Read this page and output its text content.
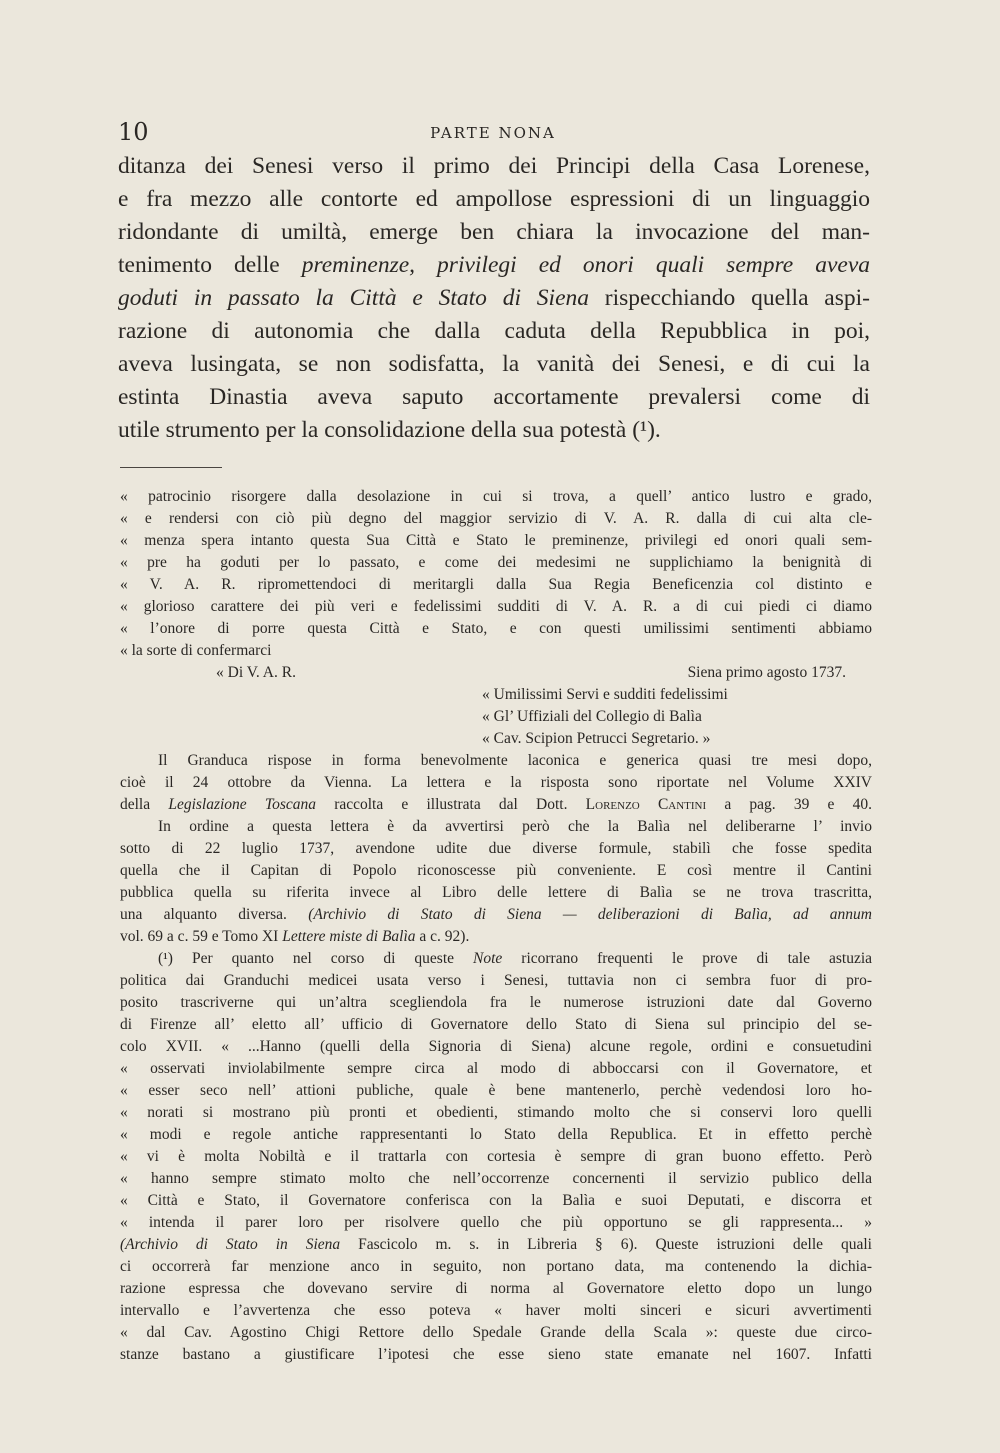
10	PARTE NONA
ditanza dei Senesi verso il primo dei Principi della Casa Lorenese,
e fra mezzo alle contorte ed ampollose espressioni di un linguaggio
ridondante di umiltà, emerge ben chiara la invocazione del man-
tenimento delle preminenze, privilegi ed onori quali sempre aveva
goduti in passato la Città e Stato di Siena rispecchiando quella aspi-
razione di autonomia che dalla caduta della Repubblica in poi,
aveva lusingata, se non sodisfatta, la vanità dei Senesi, e di cui la
estinta Dinastia aveva saputo accortamente prevalersi come di
utile strumento per la consolidazione della sua potestà (¹).
« patrocinio risorgere dalla desolazione in cui si trova, a quell’ antico lustro e grado,
« e rendersi con ciò più degno del maggior servizio di V. A. R. dalla di cui alta cle-
« menza spera intanto questa Sua Città e Stato le preminenze, privilegi ed onori quali sem-
« pre ha goduti per lo passato, e come dei medesimi ne supplichiamo la benignità di
« V. A. R. ripromettendoci di meritargli dalla Sua Regia Beneficenzia col distinto e
« glorioso carattere dei più veri e fedelissimi sudditi di V. A. R. a di cui piedi ci diamo
« l’onore di porre questa Città e Stato, e con questi umilissimi sentimenti abbiamo
« la sorte di confermarci
« Di V. A. R.	Siena primo agosto 1737.
« Umilissimi Servi e sudditi fedelissimi
« Gl’ Uffiziali del Collegio di Balìa
« Cav. Scipion Petrucci Segretario. »
Il Granduca rispose in forma benevolmente laconica e generica quasi tre mesi dopo,
cioè il 24 ottobre da Vienna. La lettera e la risposta sono riportate nel Volume XXIV
della Legislazione Toscana raccolta e illustrata dal Dott. Lorenzo Cantini a pag. 39 e 40.
In ordine a questa lettera è da avvertirsi però che la Balìa nel deliberarne l’ invio
sotto di 22 luglio 1737, avendone udite due diverse formule, stabilì che fosse spedita
quella che il Capitan di Popolo riconoscesse più conveniente. E così mentre il Cantini
pubblica quella su riferita invece al Libro delle lettere di Balìa se ne trova trascritta,
una alquanto diversa. (Archivio di Stato di Siena — deliberazioni di Balìa, ad annum
vol. 69 a c. 59 e Tomo XI Lettere miste di Balìa a c. 92).
(¹) Per quanto nel corso di queste Note ricorrano frequenti le prove di tale astuzia
politica dai Granduchi medicei usata verso i Senesi, tuttavia non ci sembra fuor di pro-
posito trascriverne qui un’altra scegliendola fra le numerose istruzioni date dal Governo
di Firenze all’ eletto all’ ufficio di Governatore dello Stato di Siena sul principio del se-
colo XVII. « ...Hanno (quelli della Signoria di Siena) alcune regole, ordini e consuetudini
« osservati inviolabilmente sempre circa al modo di abboccarsi con il Governatore, et
« esser seco nell’ attioni publiche, quale è bene mantenerlo, perchè vedendosi loro ho-
« norati si mostrano più pronti et obedienti, stimando molto che si conservi loro quelli
« modi e regole antiche rappresentanti lo Stato della Republica. Et in effetto perchè
« vi è molta Nobiltà e il trattarla con cortesia è sempre di gran buono effetto. Però
« hanno sempre stimato molto che nell’occorrenze concernenti il servizio publico della
« Città e Stato, il Governatore conferisca con la Balìa e suoi Deputati, e discorra et
« intenda il parer loro per risolvere quello che più opportuno se gli rappresenta... »
(Archivio di Stato in Siena Fascicolo m. s. in Libreria § 6). Queste istruzioni delle quali
ci occorrerà far menzione anco in seguito, non portano data, ma contenendo la dichia-
razione espressa che dovevano servire di norma al Governatore eletto dopo un lungo
intervallo e l’avvertenza che esso poteva « haver molti sinceri e sicuri avvertimenti
« dal Cav. Agostino Chigi Rettore dello Spedale Grande della Scala »: queste due circo-
stanze bastano a giustificare l’ipotesi che esse sieno state emanate nel 1607. Infatti
